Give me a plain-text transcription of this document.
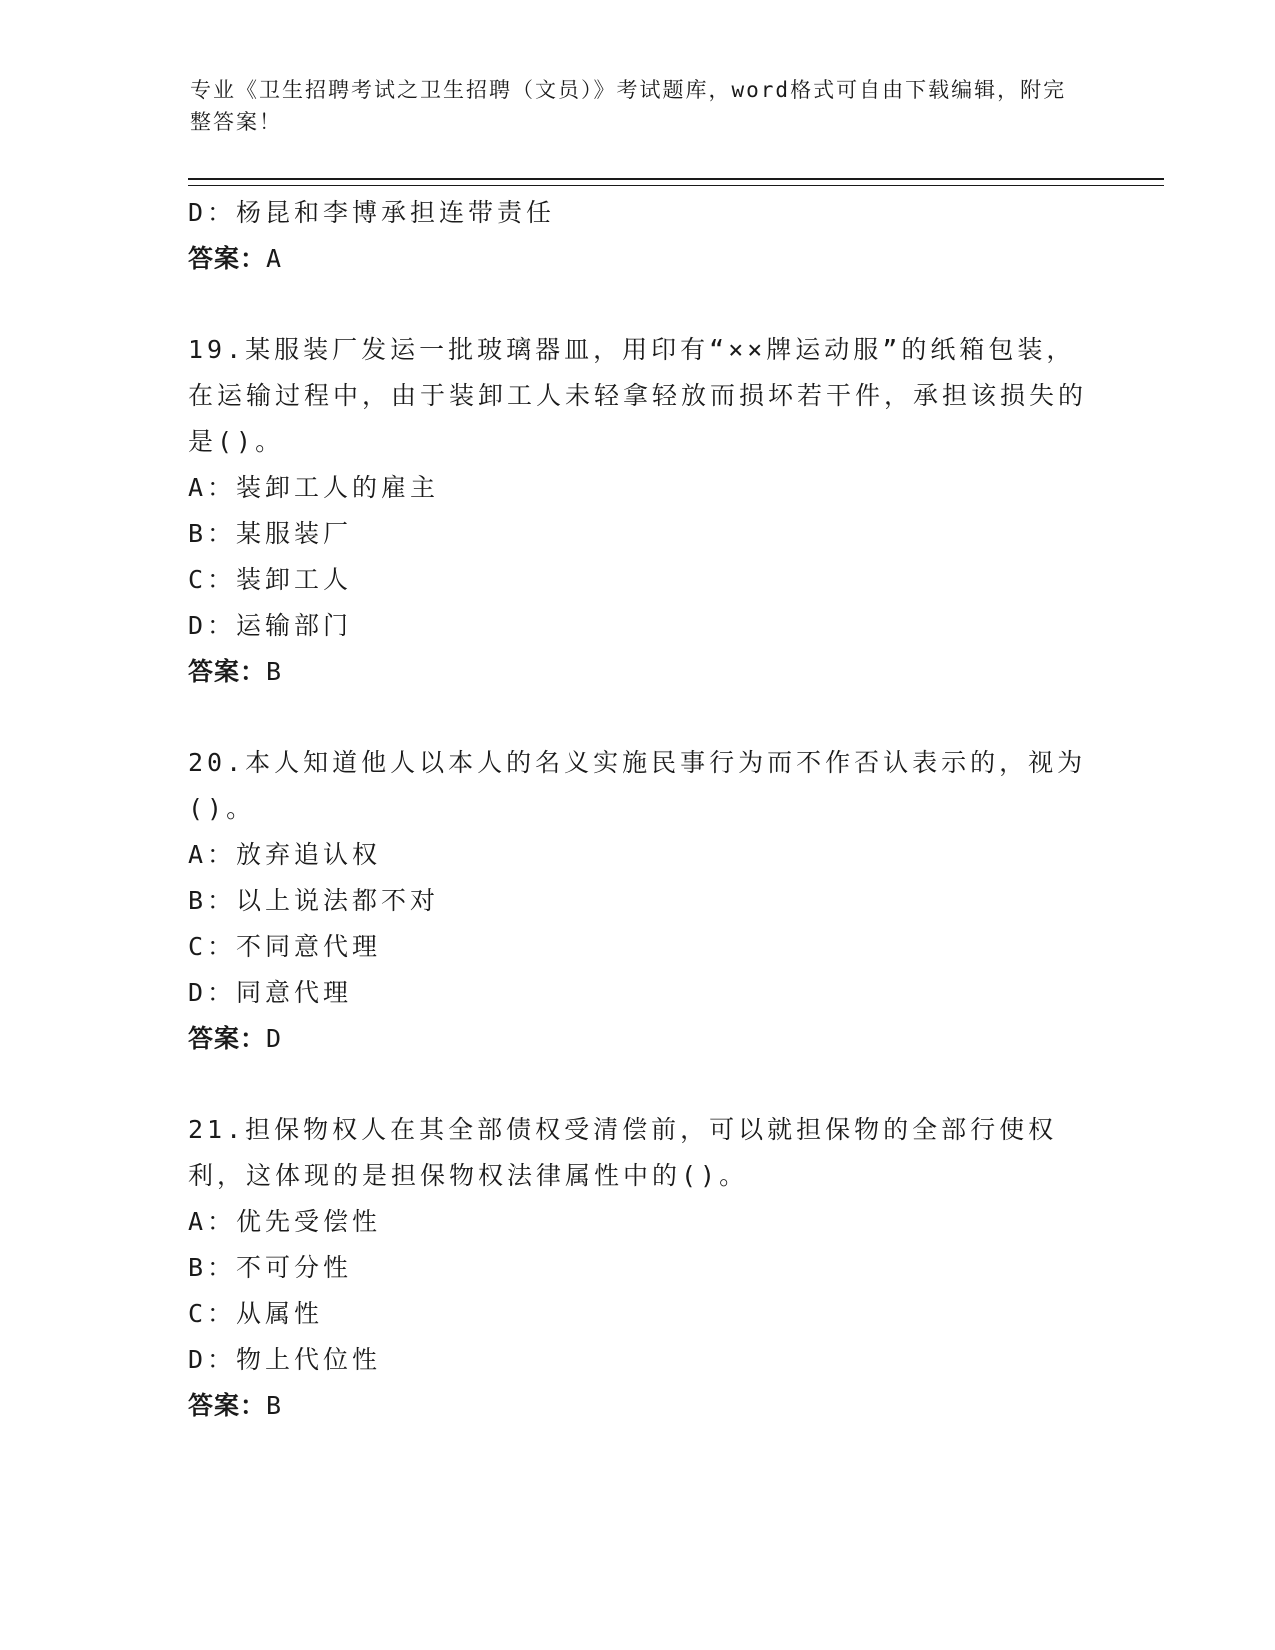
专业《卫生招聘考试之卫生招聘（文员）》考试题库，word格式可自由下载编辑，附完整答案！
D：杨昆和李博承担连带责任
答案：A
19.某服装厂发运一批玻璃器皿，用印有“××牌运动服”的纸箱包装，在运输过程中，由于装卸工人未轻拿轻放而损坏若干件，承担该损失的是()。
A：装卸工人的雇主
B：某服装厂
C：装卸工人
D：运输部门
答案：B
20.本人知道他人以本人的名义实施民事行为而不作否认表示的，视为()。
A：放弃追认权
B：以上说法都不对
C：不同意代理
D：同意代理
答案：D
21.担保物权人在其全部债权受清偿前，可以就担保物的全部行使权利，这体现的是担保物权法律属性中的()。
A：优先受偿性
B：不可分性
C：从属性
D：物上代位性
答案：B
